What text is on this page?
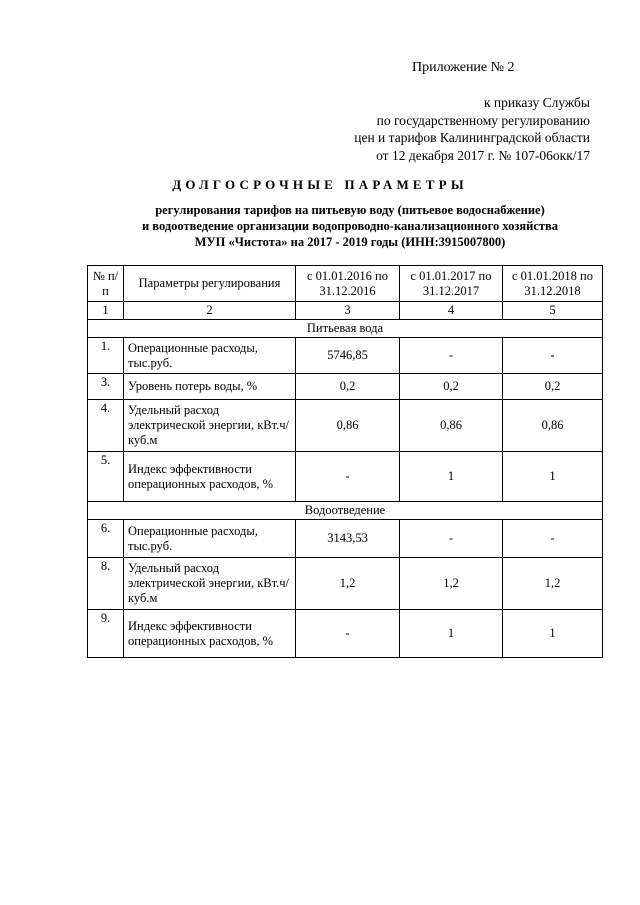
Приложение № 2
к приказу Службы
по государственному регулированию
цен и тарифов Калининградской области
от 12 декабря 2017 г. № 107-06окк/17
ДОЛГОСРОЧНЫЕ ПАРАМЕТРЫ
регулирования тарифов на питьевую воду (питьевое водоснабжение)
и водоотведение организации водопроводно-канализационного хозяйства
МУП «Чистота» на 2017 - 2019 годы (ИНН:3915007800)
№ п/п	Параметры регулирования	с 01.01.2016 по 31.12.2016	с 01.01.2017 по 31.12.2017	с 01.01.2018 по 31.12.2018
1	2	3	4	5
Питьевая вода				
1.	Операционные расходы, тыс.руб.	5746,85	-	-
3.	Уровень потерь воды, %	0,2	0,2	0,2
4.	Удельный расход электрической энергии, кВт.ч/куб.м	0,86	0,86	0,86
5.	Индекс эффективности операционных расходов, %	-	1	1
Водоотведение				
6.	Операционные расходы, тыс.руб.	3143,53	-	-
8.	Удельный расход электрической энергии, кВт.ч/куб.м	1,2	1,2	1,2
9.	Индекс эффективности операционных расходов, %	-	1	1
